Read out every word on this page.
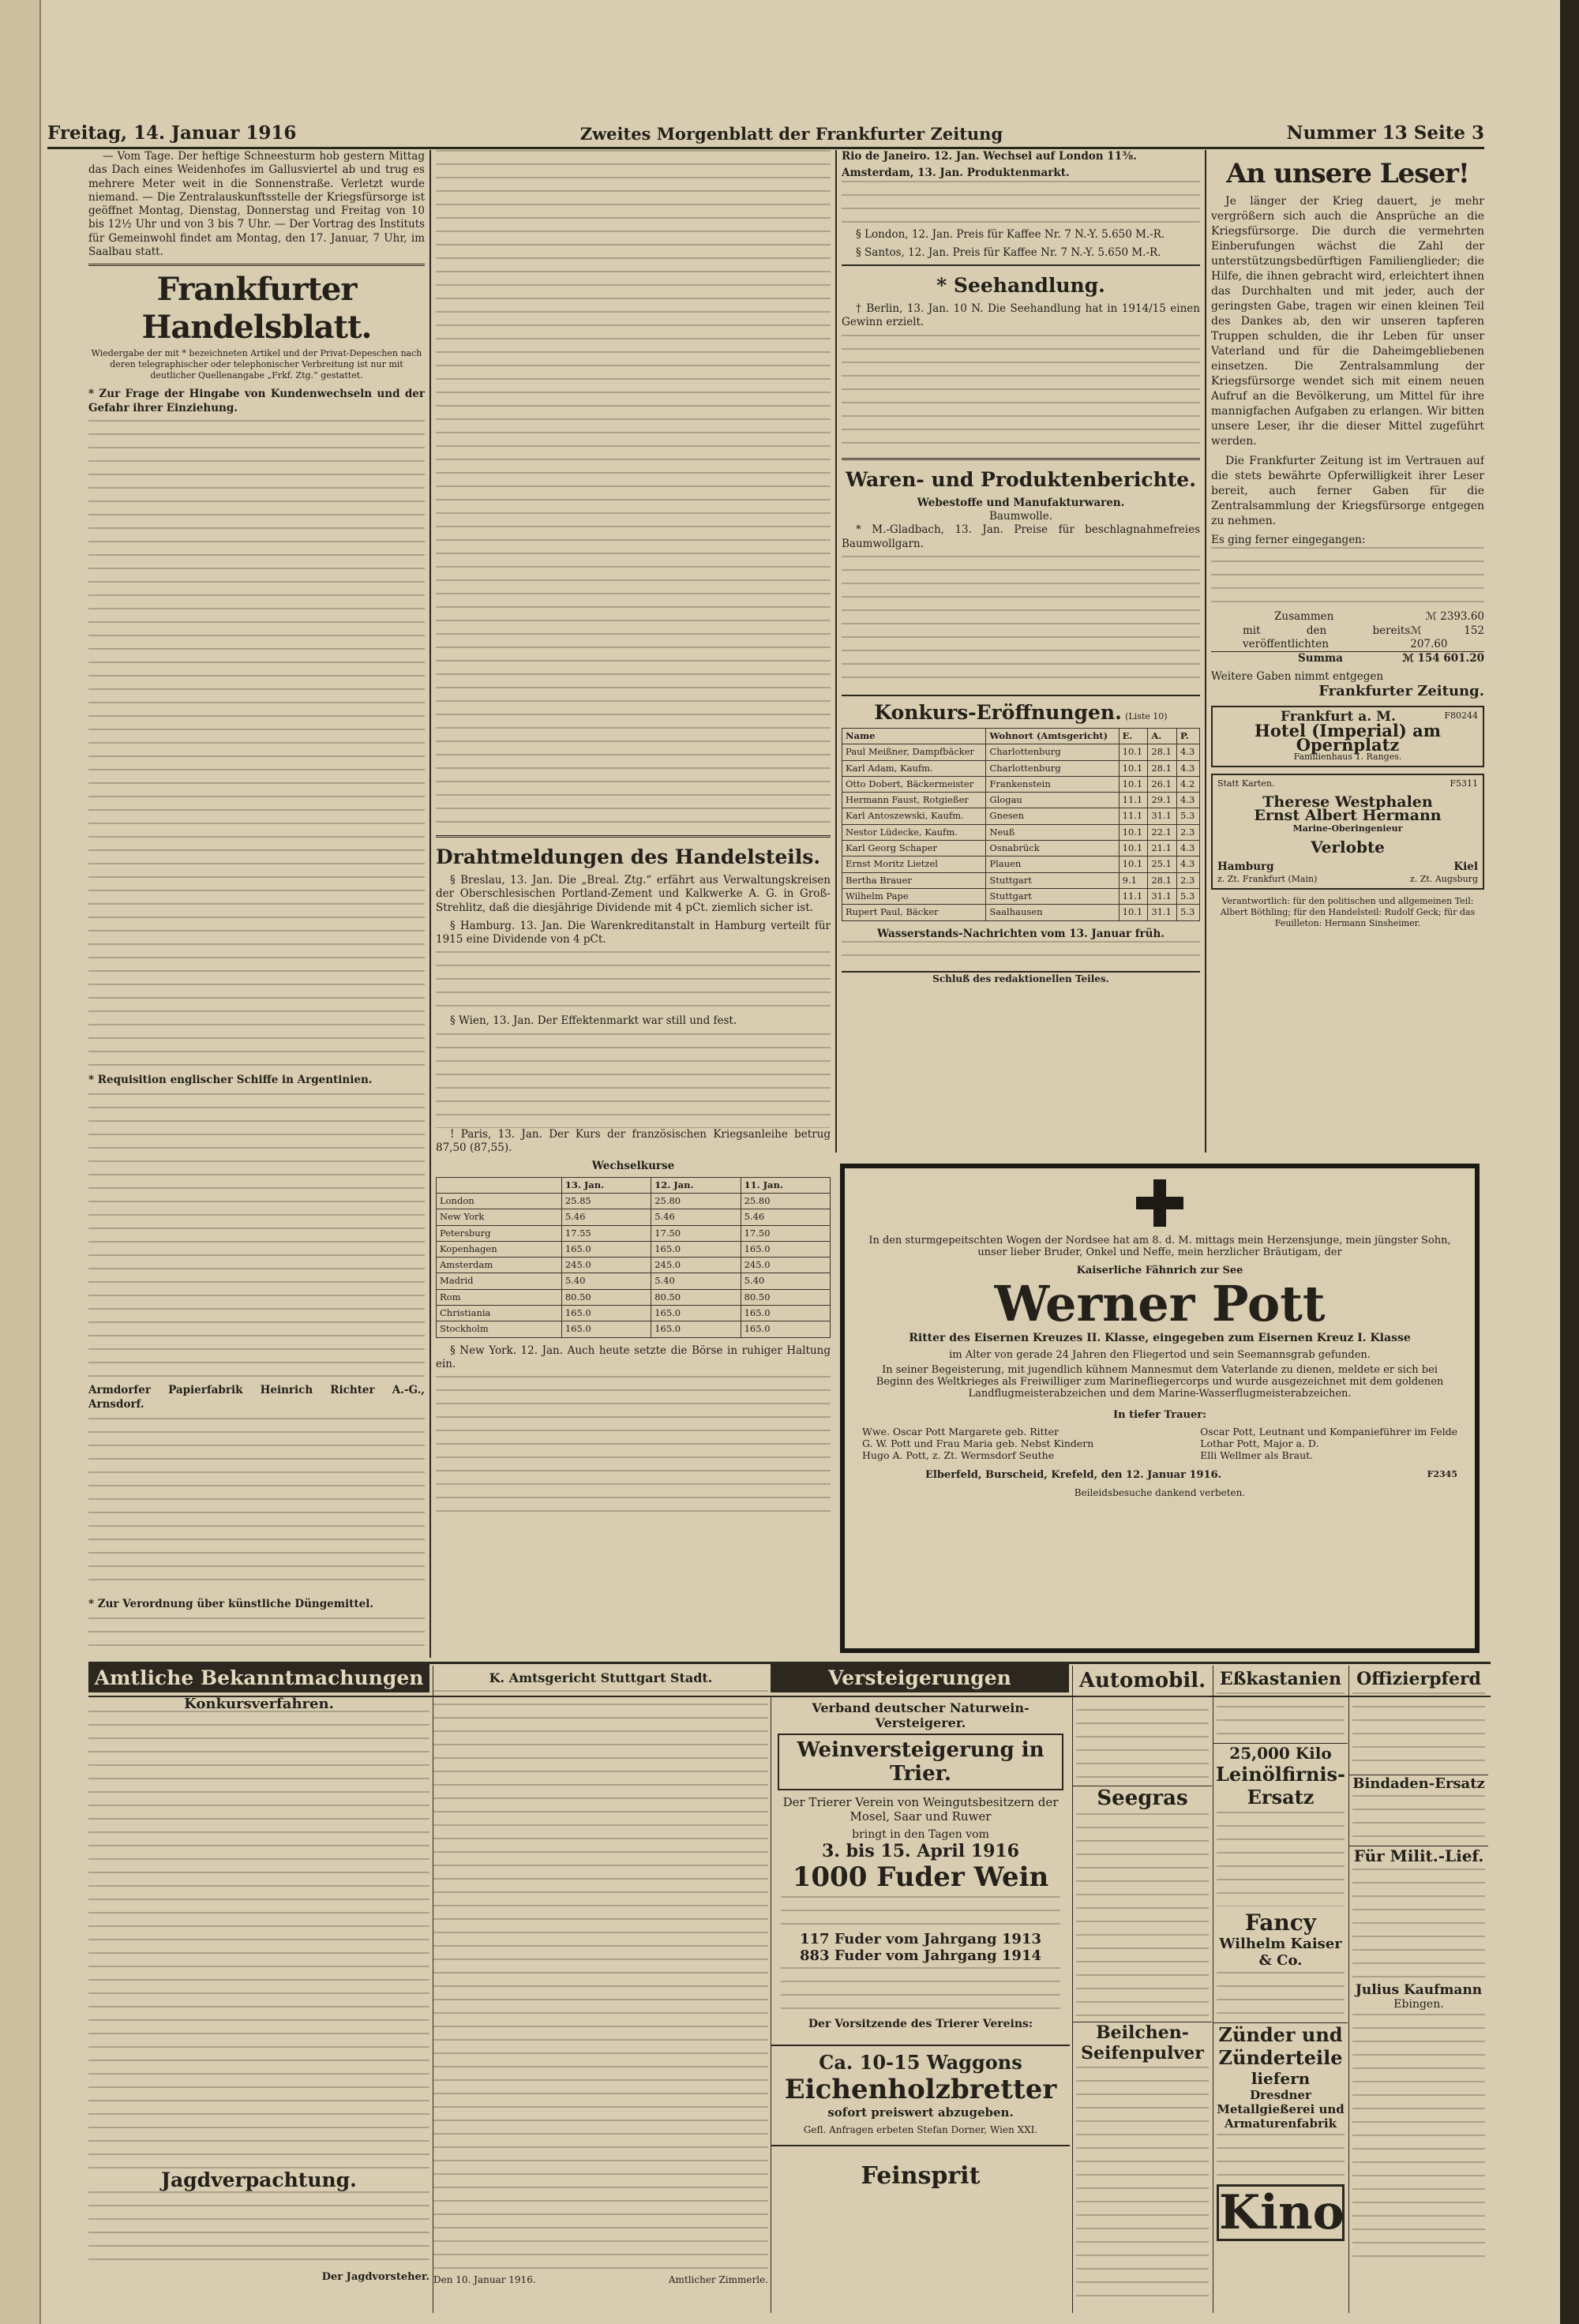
Freitag, 14. Januar 1916	Zweites Morgenblatt der Frankfurter Zeitung	Nummer 13 Seite 3

— Vom Tage. Der heftige Schneesturm hob gestern Mittag das Dach eines Weidenhofes im Gallusviertel ab und trug es mehrere Meter weit in die Sonnenstraße. Verletzt wurde niemand. — Die Zentralauskunftsstelle der Kriegsfürsorge ist geöffnet Montag, Dienstag, Donnerstag und Freitag von 10 bis 12½ Uhr und von 3 bis 7 Uhr. — Der Vortrag des Instituts für Gemeinwohl findet am Montag, den 17. Januar, 7 Uhr, im Saalbau statt.

Frankfurter Handelsblatt.
Wiedergabe der mit * bezeichneten Artikel und der Privat-Depeschen nach deren telegraphischer oder telephonischer Verbreitung ist nur mit deutlicher Quellenangabe „Frkf. Ztg.“ gestattet.
* Zur Frage der Hingabe von Kundenwechseln und der Gefahr ihrer Einziehung.
* Requisition englischer Schiffe in Argentinien.
Armdorfer Papierfabrik Heinrich Richter A.-G., Arnsdorf.
* Zur Verordnung über künstliche Düngemittel.
Drahtmeldungen des Handelsteils.

§ Breslau, 13. Jan. Die „Breal. Ztg.“ erfährt aus Verwaltungskreisen der Oberschlesischen Portland-Zement und Kalkwerke A. G. in Groß-Strehlitz, daß die diesjährige Dividende mit 4 pCt. ziemlich sicher ist.

§ Hamburg. 13. Jan. Die Warenkreditanstalt in Hamburg verteilt für 1915 eine Dividende von 4 pCt.

§ Wien, 13. Jan. Der Effektenmarkt war still und fest.

! Paris, 13. Jan. Der Kurs der französischen Kriegsanleihe betrug 87,50 (87,55).

Wechselkurse
	13. Jan.	12. Jan.	11. Jan.
London	25.85	25.80	25.80
New York	5.46	5.46	5.46
Petersburg	17.55	17.50	17.50
Kopenhagen	165.0	165.0	165.0
Amsterdam	245.0	245.0	245.0
Madrid	5.40	5.40	5.40
Rom	80.50	80.50	80.50
Christiania	165.0	165.0	165.0
Stockholm	165.0	165.0	165.0

§ New York. 12. Jan. Auch heute setzte die Börse in ruhiger Haltung ein.

Rio de Janeiro. 12. Jan. Wechsel auf London 11⅜.
Amsterdam, 13. Jan. Produktenmarkt.

§ London, 12. Jan. Preis für Kaffee Nr. 7 N.-Y. 5.650 M.-R.

§ Santos, 12. Jan. Preis für Kaffee Nr. 7 N.-Y. 5.650 M.-R.

* Seehandlung.

† Berlin, 13. Jan. 10 N. Die Seehandlung hat in 1914/15 einen Gewinn erzielt.

Waren- und Produktenberichte.
Webestoffe und Manufakturwaren.
Baumwolle.

* M.-Gladbach, 13. Jan. Preise für beschlagnahmefreies Baumwollgarn.

Konkurs-Eröffnungen. (Liste 10)
Name	Wohnort (Amtsgericht)	E.	A.	P.
Paul Meißner, Dampfbäcker	Charlottenburg	10.1	28.1	4.3
Karl Adam, Kaufm.	Charlottenburg	10.1	28.1	4.3
Otto Dobert, Bäckermeister	Frankenstein	10.1	26.1	4.2
Hermann Faust, Rotgießer	Glogau	11.1	29.1	4.3
Karl Antoszewski, Kaufm.	Gnesen	11.1	31.1	5.3
Nestor Lüdecke, Kaufm.	Neuß	10.1	22.1	2.3
Karl Georg Schaper	Osnabrück	10.1	21.1	4.3
Ernst Moritz Lietzel	Plauen	10.1	25.1	4.3
Bertha Brauer	Stuttgart	9.1	28.1	2.3
Wilhelm Pape	Stuttgart	11.1	31.1	5.3
Rupert Paul, Bäcker	Saalhausen	10.1	31.1	5.3
Wasserstands-Nachrichten vom 13. Januar früh.
Schluß des redaktionellen Teiles.
An unsere Leser!

Je länger der Krieg dauert, je mehr vergrößern sich auch die Ansprüche an die Kriegsfürsorge. Die durch die vermehrten Einberufungen wächst die Zahl der unterstützungsbedürftigen Familienglieder; die Hilfe, die ihnen gebracht wird, erleichtert ihnen das Durchhalten und mit jeder, auch der geringsten Gabe, tragen wir einen kleinen Teil des Dankes ab, den wir unseren tapferen Truppen schulden, die ihr Leben für unser Vaterland und für die Daheimgebliebenen einsetzen. Die Zentralsammlung der Kriegsfürsorge wendet sich mit einem neuen Aufruf an die Bevölkerung, um Mittel für ihre mannigfachen Aufgaben zu erlangen. Wir bitten unsere Leser, ihr die dieser Mittel zugeführt werden.

Die Frankfurter Zeitung ist im Vertrauen auf die stets bewährte Opferwilligkeit ihrer Leser bereit, auch ferner Gaben für die Zentralsammlung der Kriegsfürsorge entgegen zu nehmen.

Es ging ferner eingegangen:
Zusammen	ℳ 2393.60
mit den bereits veröffentlichten
ℳ 152 207.60
Summa	ℳ 154 601.20
Weitere Gaben nimmt entgegen
Frankfurter Zeitung.
Frankfurt a. M.	F80244
Hotel (Imperial) am Opernplatz
Familienhaus 1. Ranges.
Statt Karten.	F5311
Therese Westphalen
Ernst Albert Hermann
Marine-Oberingenieur
Verlobte
Hamburg	Kiel
z. Zt. Frankfurt (Main)	z. Zt. Augsburg
Verantwortlich: für den politischen und allgemeinen Teil: Albert Böthling; für den Handelsteil: Rudolf Geck; für das Feuilleton: Hermann Sinsheimer.
In den sturmgepeitschten Wogen der Nordsee hat am 8. d. M. mittags mein Herzensjunge, mein jüngster Sohn, unser lieber Bruder, Onkel und Neffe, mein herzlicher Bräutigam, der
Kaiserliche Fähnrich zur See
Werner Pott
Ritter des Eisernen Kreuzes II. Klasse, eingegeben zum Eisernen Kreuz I. Klasse
im Alter von gerade 24 Jahren den Fliegertod und sein Seemannsgrab gefunden.
In seiner Begeisterung, mit jugendlich kühnem Mannesmut dem Vaterlande zu dienen, meldete er sich bei Beginn des Weltkrieges als Freiwilliger zum Marinefliegercorps und wurde ausgezeichnet mit dem goldenen Landflugmeisterabzeichen und dem Marine-Wasserflugmeisterabzeichen.
In tiefer Trauer:
Wwe. Oscar Pott Margarete geb. Ritter
G. W. Pott und Frau Maria geb. Nebst Kindern
Hugo A. Pott, z. Zt. Wermsdorf Seuthe
Oscar Pott, Leutnant und Kompanieführer im Felde
Lothar Pott, Major a. D.
Elli Wellmer als Braut.
Elberfeld, Burscheid, Krefeld, den 12. Januar 1916.	F2345
Beileidsbesuche dankend verbeten.
Amtliche Bekanntmachungen	Versteigerungen
Konkursverfahren.
Jagdverpachtung.
Der Jagdvorsteher.
K. Amtsgericht Stuttgart Stadt.
Den 10. Januar 1916.	Amtlicher Zimmerle.
Verband deutscher Naturwein-Versteigerer.
Weinversteigerung in Trier.
Der Trierer Verein von Weingutsbesitzern der Mosel, Saar und Ruwer
bringt in den Tagen vom
3. bis 15. April 1916
1000 Fuder Wein
117 Fuder vom Jahrgang 1913
883 Fuder vom Jahrgang 1914
Der Vorsitzende des Trierer Vereins:
Ca. 10-15 Waggons
Eichenholzbretter
sofort preiswert abzugeben.
Gefl. Anfragen erbeten Stefan Dorner, Wien XXI.
Feinsprit
Automobil.
Seegras
Beilchen-Seifenpulver
Eßkastanien
25,000 Kilo
Leinölfirnis-Ersatz
Fancy
Wilhelm Kaiser & Co.
Zünder und Zünderteile
liefern
Dresdner Metallgießerei und Armaturenfabrik
Kino
Offizierpferd
Bindaden-Ersatz
Für Milit.-Lief.
Julius Kaufmann
Ebingen.
